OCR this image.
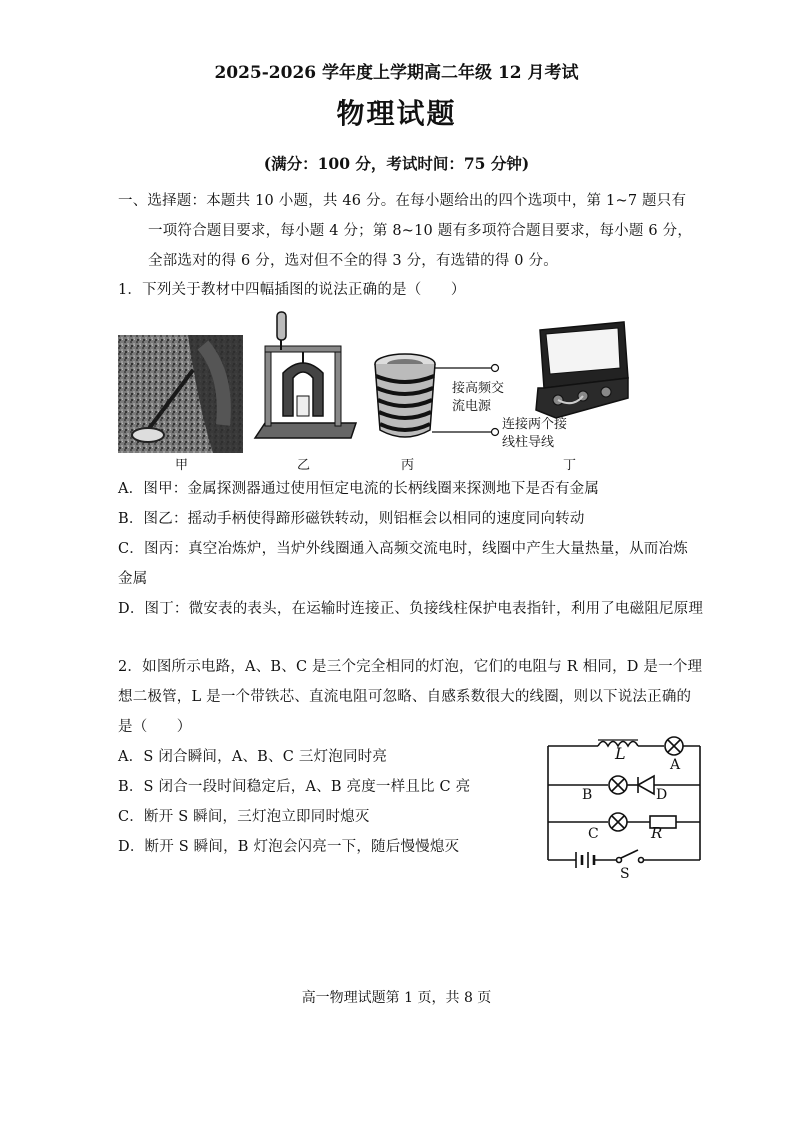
2025-2026 学年度上学期高二年级 12 月考试
物理试题
(满分：100 分，考试时间：75 分钟)
一、选择题：本题共 10 小题，共 46 分。在每小题给出的四个选项中，第 1~7 题只有
一项符合题目要求，每小题 4 分；第 8~10 题有多项符合题目要求，每小题 6 分，
全部选对的得 6 分，选对但不全的得 3 分，有选错的得 0 分。
1．下列关于教材中四幅插图的说法正确的是（　　）
接高频交
流电源
连接两个接
线柱导线
甲	乙	丙	丁
A．图甲：金属探测器通过使用恒定电流的长柄线圈来探测地下是否有金属
B．图乙：摇动手柄使得蹄形磁铁转动，则铝框会以相同的速度同向转动
C．图丙：真空冶炼炉，当炉外线圈通入高频交流电时，线圈中产生大量热量，从而冶炼
金属
D．图丁：微安表的表头，在运输时连接正、负接线柱保护电表指针，利用了电磁阻尼原理
2．如图所示电路，A、B、C 是三个完全相同的灯泡，它们的电阻与 R 相同，D 是一个理
想二极管，L 是一个带铁芯、直流电阻可忽略、自感系数很大的线圈，则以下说法正确的
是（　　）
A．S 闭合瞬间，A、B、C 三灯泡同时亮
B．S 闭合一段时间稳定后，A、B 亮度一样且比 C 亮
C．断开 S 瞬间，三灯泡立即同时熄灭
D．断开 S 瞬间，B 灯泡会闪亮一下，随后慢慢熄灭
L
A
B	D
C	R
S
高一物理试题第 1 页，共 8 页
